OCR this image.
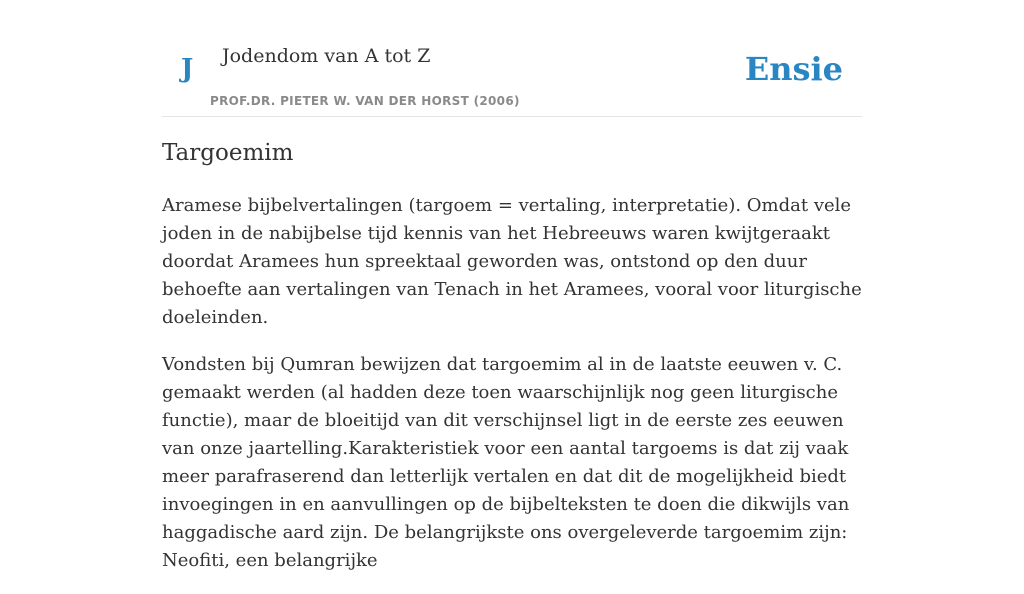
J Jodendom van A tot Z
PROF.DR. PIETER W. VAN DER HORST (2006)
Ensie
Targoemim

Aramese bijbelvertalingen (targoem = vertaling, interpretatie). Omdat vele joden in de nabijbelse tijd kennis van het Hebreeuws waren kwijtgeraakt doordat Aramees hun spreektaal geworden was, ontstond op den duur behoefte aan vertalingen van Tenach in het Aramees, vooral voor liturgische doeleinden.

Vondsten bij Qumran bewijzen dat targoemim al in de laatste eeuwen v. C. gemaakt werden (al hadden deze toen waarschijnlijk nog geen liturgische functie), maar de bloeitijd van dit verschijnsel ligt in de eerste zes eeuwen van onze jaartelling.Karakteristiek voor een aantal targoems is dat zij vaak meer parafraserend dan letterlijk vertalen en dat dit de mogelijkheid biedt invoegingen in en aanvullingen op de bijbelteksten te doen die dikwijls van haggadische aard zijn. De belangrijkste ons overgeleverde targoemim zijn: Neofiti, een belangrijke
